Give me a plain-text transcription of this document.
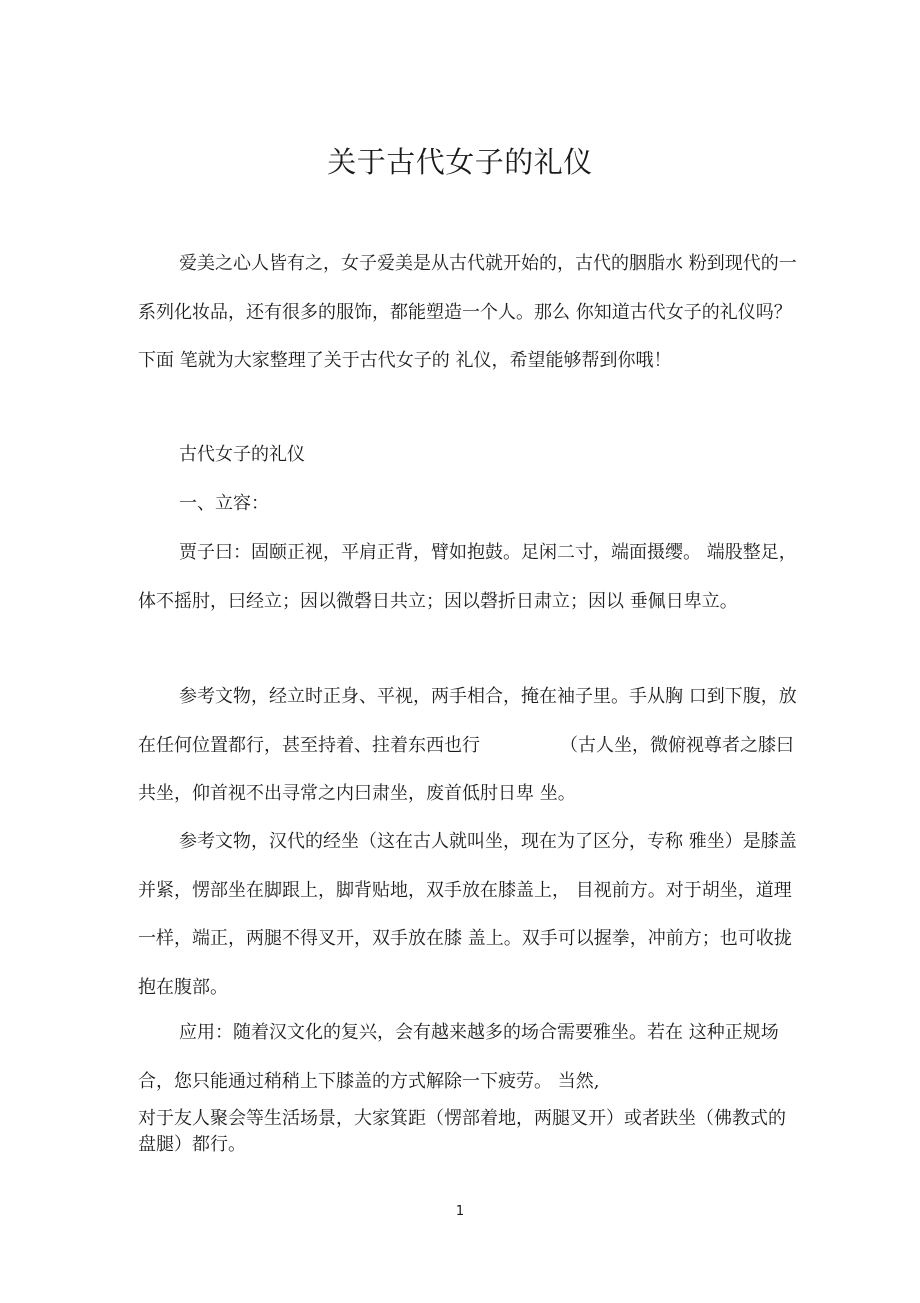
关于古代女子的礼仪

爱美之心人皆有之，女子爱美是从古代就开始的，古代的胭脂水 粉到现代的一系列化妆品，还有很多的服饰，都能塑造一个人。那么 你知道古代女子的礼仪吗？下面 笔就为大家整理了关于古代女子的 礼仪，希望能够帮到你哦！

古代女子的礼仪

一、立容：

贾子曰：固颐正视，平肩正背，臂如抱鼓。足闲二寸，端面摄缨。 端股整足，体不摇肘，曰经立；因以微磬日共立；因以磬折日肃立；因以 垂佩日卑立。

参考文物，经立时正身、平视，两手相合，掩在袖子里。手从胸 口到下腹，放在任何位置都行，甚至持着、拄着东西也行	（古人坐，微俯视尊者之膝曰共坐，仰首视不出寻常之内曰肃坐，废首低肘日卑 坐。

参考文物，汉代的经坐（这在古人就叫坐，现在为了区分，专称 雅坐）是膝盖并紧，愣部坐在脚跟上，脚背贴地，双手放在膝盖上， 目视前方。对于胡坐，道理一样，端正，两腿不得叉开，双手放在膝 盖上。双手可以握拳，冲前方；也可收拢抱在腹部。

应用：随着汉文化的复兴，会有越来越多的场合需要雅坐。若在 这种正规场合，您只能通过稍稍上下膝盖的方式解除一下疲劳。 当然,

对于友人聚会等生活场景，大家箕距（愣部着地，两腿叉开）或者趺坐（佛教式的盘腿）都行。

1
